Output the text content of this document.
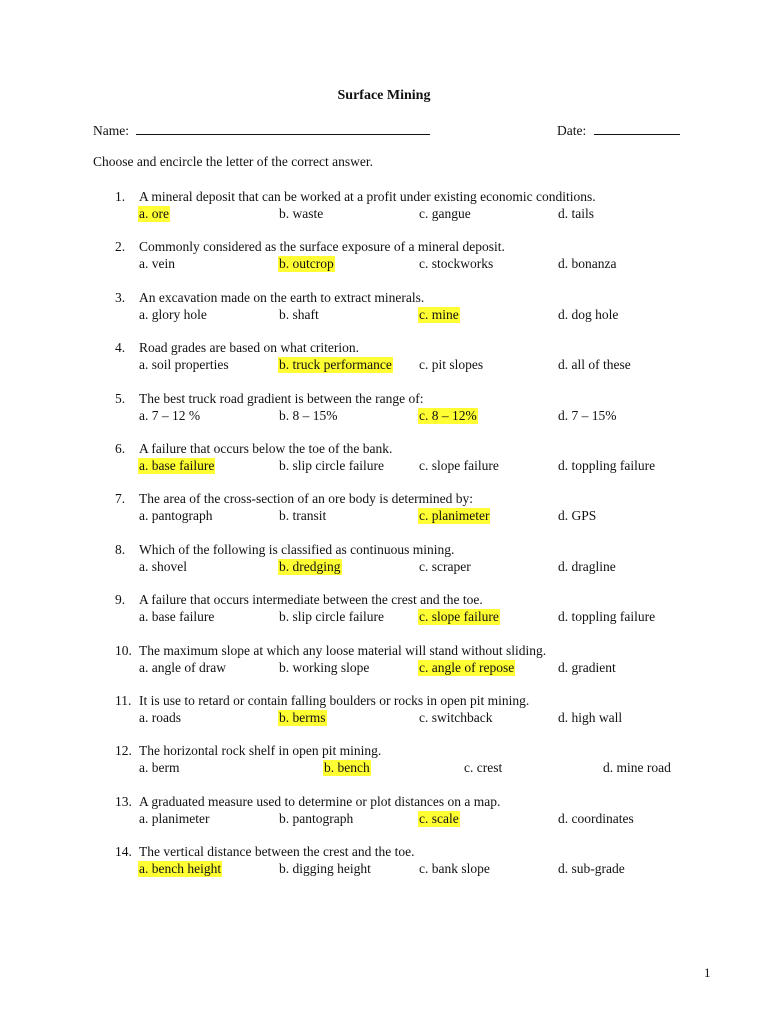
Surface Mining
Name:	Date:
Choose and encircle the letter of the correct answer.
1. A mineral deposit that can be worked at a profit under existing economic conditions.
a. ore	b. waste	c. gangue	d. tails
2. Commonly considered as the surface exposure of a mineral deposit.
a. vein	b. outcrop	c. stockworks	d. bonanza
3. An excavation made on the earth to extract minerals.
a. glory hole	b. shaft	c. mine	d. dog hole
4. Road grades are based on what criterion.
a. soil properties	b. truck performance c. pit slopes	d. all of these
5. The best truck road gradient is between the range of:
a. 7 – 12 %	b. 8 – 15%	c. 8 – 12%	d. 7 – 15%
6. A failure that occurs below the toe of the bank.
a. base failure	b. slip circle failure	c. slope failure	d. toppling failure
7. The area of the cross-section of an ore body is determined by:
a. pantograph	b. transit	c. planimeter	d. GPS
8. Which of the following is classified as continuous mining.
a. shovel	b. dredging	c. scraper	d. dragline
9. A failure that occurs intermediate between the crest and the toe.
a. base failure	b. slip circle failure	c. slope failure	d. toppling failure
10. The maximum slope at which any loose material will stand without sliding.
a. angle of draw	b. working slope	c. angle of repose	d. gradient
11. It is use to retard or contain falling boulders or rocks in open pit mining.
a. roads	b. berms	c. switchback	d. high wall
12. The horizontal rock shelf in open pit mining.
a. berm	b. bench	c. crest	d. mine road
13. A graduated measure used to determine or plot distances on a map.
a. planimeter	b. pantograph	c. scale	d. coordinates
14. The vertical distance between the crest and the toe.
a. bench height	b. digging height	c. bank slope	d. sub-grade
1
